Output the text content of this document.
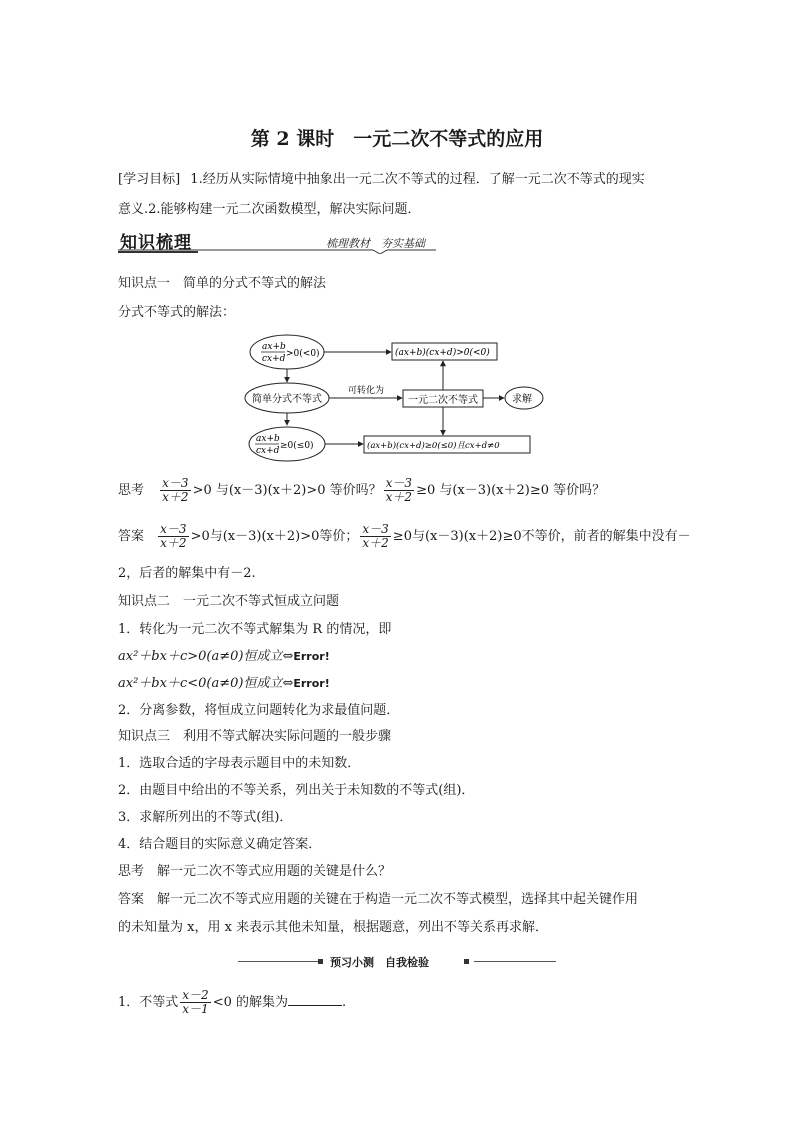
第 2 课时　一元二次不等式的应用
[学习目标] 1.经历从实际情境中抽象出一元二次不等式的过程．了解一元二次不等式的现实
意义.2.能够构建一元二次函数模型，解决实际问题．
知识梳理	梳理教材　夯实基础
知识点一　简单的分式不等式的解法
分式不等式的解法：
ax+b
cx+d >0(<0)	(ax+b)(cx+d)>0(<0)
简单分式不等式
可转化为
一元二次不等式	求解
ax+b
cx+d ≥0(≤0)	(ax+b)(cx+d)≥0(≤0)且cx+d≠0
思考 $\frac{x-3}{x+2} >0$ 与(x－3)(x＋2)>0 等价吗？ $\frac{x-3}{x+2} \ge 0$ 与(x－3)(x＋2)≥0 等价吗？
答案 $\frac{x-3}{x+2} >0$与(x－3)(x＋2)>0等价； $\frac{x-3}{x+2} \ge 0$与(x－3)(x＋2)≥0不等价，前者的解集中没有－
2，后者的解集中有－2.
知识点二　一元二次不等式恒成立问题
1．转化为一元二次不等式解集为 R 的情况，即
ax²＋bx＋c>0(a≠0)恒成立⇔Error!
ax²＋bx＋c<0(a≠0)恒成立⇔Error!
2．分离参数，将恒成立问题转化为求最值问题．
知识点三　利用不等式解决实际问题的一般步骤
1．选取合适的字母表示题目中的未知数．
2．由题目中给出的不等关系，列出关于未知数的不等式(组)．
3．求解所列出的不等式(组)．
4．结合题目的实际意义确定答案．
思考　解一元二次不等式应用题的关键是什么？
答案　解一元二次不等式应用题的关键在于构造一元二次不等式模型，选择其中起关键作用
的未知量为 x，用 x 来表示其他未知量，根据题意，列出不等关系再求解．
预习小测　自我检验
1．不等式 $\frac{x-2}{x-1} <0$ 的解集为	.
